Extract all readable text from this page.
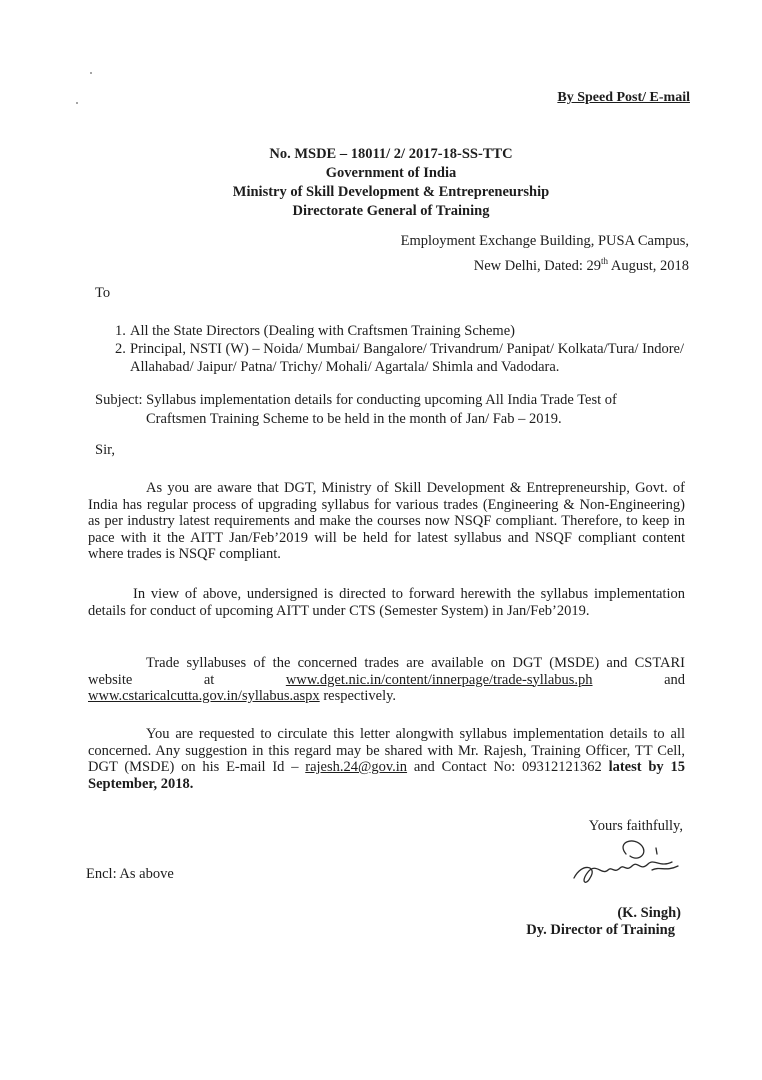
By Speed Post/ E-mail
No. MSDE – 18011/ 2/ 2017-18-SS-TTC
Government of India
Ministry of Skill Development & Entrepreneurship
Directorate General of Training
Employment Exchange Building, PUSA Campus,
New Delhi, Dated: 29th August, 2018
To
1. All the State Directors (Dealing with Craftsmen Training Scheme)
2. Principal, NSTI (W) – Noida/ Mumbai/ Bangalore/ Trivandrum/ Panipat/ Kolkata/Tura/ Indore/ Allahabad/ Jaipur/ Patna/ Trichy/ Mohali/ Agartala/ Shimla and Vadodara.
Subject: Syllabus implementation details for conducting upcoming All India Trade Test of
Craftsmen Training Scheme to be held in the month of Jan/ Fab – 2019.
Sir,

As you are aware that DGT, Ministry of Skill Development & Entrepreneurship, Govt. of India has regular process of upgrading syllabus for various trades (Engineering & Non-Engineering) as per industry latest requirements and make the courses now NSQF compliant. Therefore, to keep in pace with it the AITT Jan/Feb’2019 will be held for latest syllabus and NSQF compliant content where trades is NSQF compliant.

In view of above, undersigned is directed to forward herewith the syllabus implementation details for conduct of upcoming AITT under CTS (Semester System) in Jan/Feb’2019.

Trade syllabuses of the concerned trades are available on DGT (MSDE) and CSTARI website at www.dget.nic.in/content/innerpage/trade-syllabus.ph and www.cstaricalcutta.gov.in/syllabus.aspx respectively.

You are requested to circulate this letter alongwith syllabus implementation details to all concerned. Any suggestion in this regard may be shared with Mr. Rajesh, Training Officer, TT Cell, DGT (MSDE) on his E-mail Id – rajesh.24@gov.in and Contact No: 09312121362 latest by 15 September, 2018.

Yours faithfully,
Encl: As above
(K. Singh)
Dy. Director of Training
